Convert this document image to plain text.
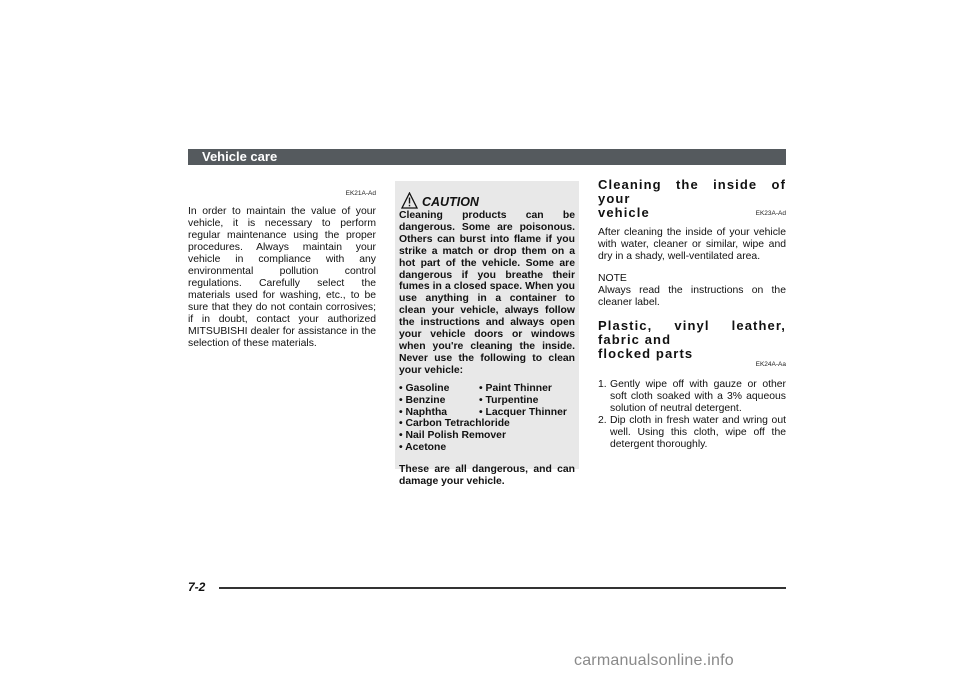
Vehicle care
EK21A-Ad

In order to maintain the value of your vehicle, it is necessary to perform regular maintenance using the proper procedures. Always maintain your vehicle in compliance with any environmental pollution control regulations. Carefully select the materials used for washing, etc., to be sure that they do not contain corrosives; if in doubt, contact your authorized MITSUBISHI dealer for assistance in the selection of these materials.

CAUTION

Cleaning products can be dangerous. Some are poisonous. Others can burst into flame if you strike a match or drop them on a hot part of the vehicle. Some are dangerous if you breathe their fumes in a closed space. When you use anything in a container to clean your vehicle, always follow the instructions and always open your vehicle doors or windows when you're cleaning the inside. Never use the following to clean your vehicle:

• Gasoline	• Paint Thinner
• Benzine	• Turpentine
• Naphtha	• Lacquer Thinner
• Carbon Tetrachloride
• Nail Polish Remover
• Acetone
These are all dangerous, and can damage your vehicle.
Cleaning the inside of your
vehicle	EK23A-Ad

After cleaning the inside of your vehicle with water, cleaner or similar, wipe and dry in a shady, well-ventilated area.

NOTE
Always read the instructions on the cleaner label.
Plastic, vinyl leather, fabric and
flocked parts
EK24A-Aa
1. Gently wipe off with gauze or other soft cloth soaked with a 3% aqueous solution of neutral detergent.
2. Dip cloth in fresh water and wring out well. Using this cloth, wipe off the detergent thoroughly.
7-2
carmanualsonline.info
